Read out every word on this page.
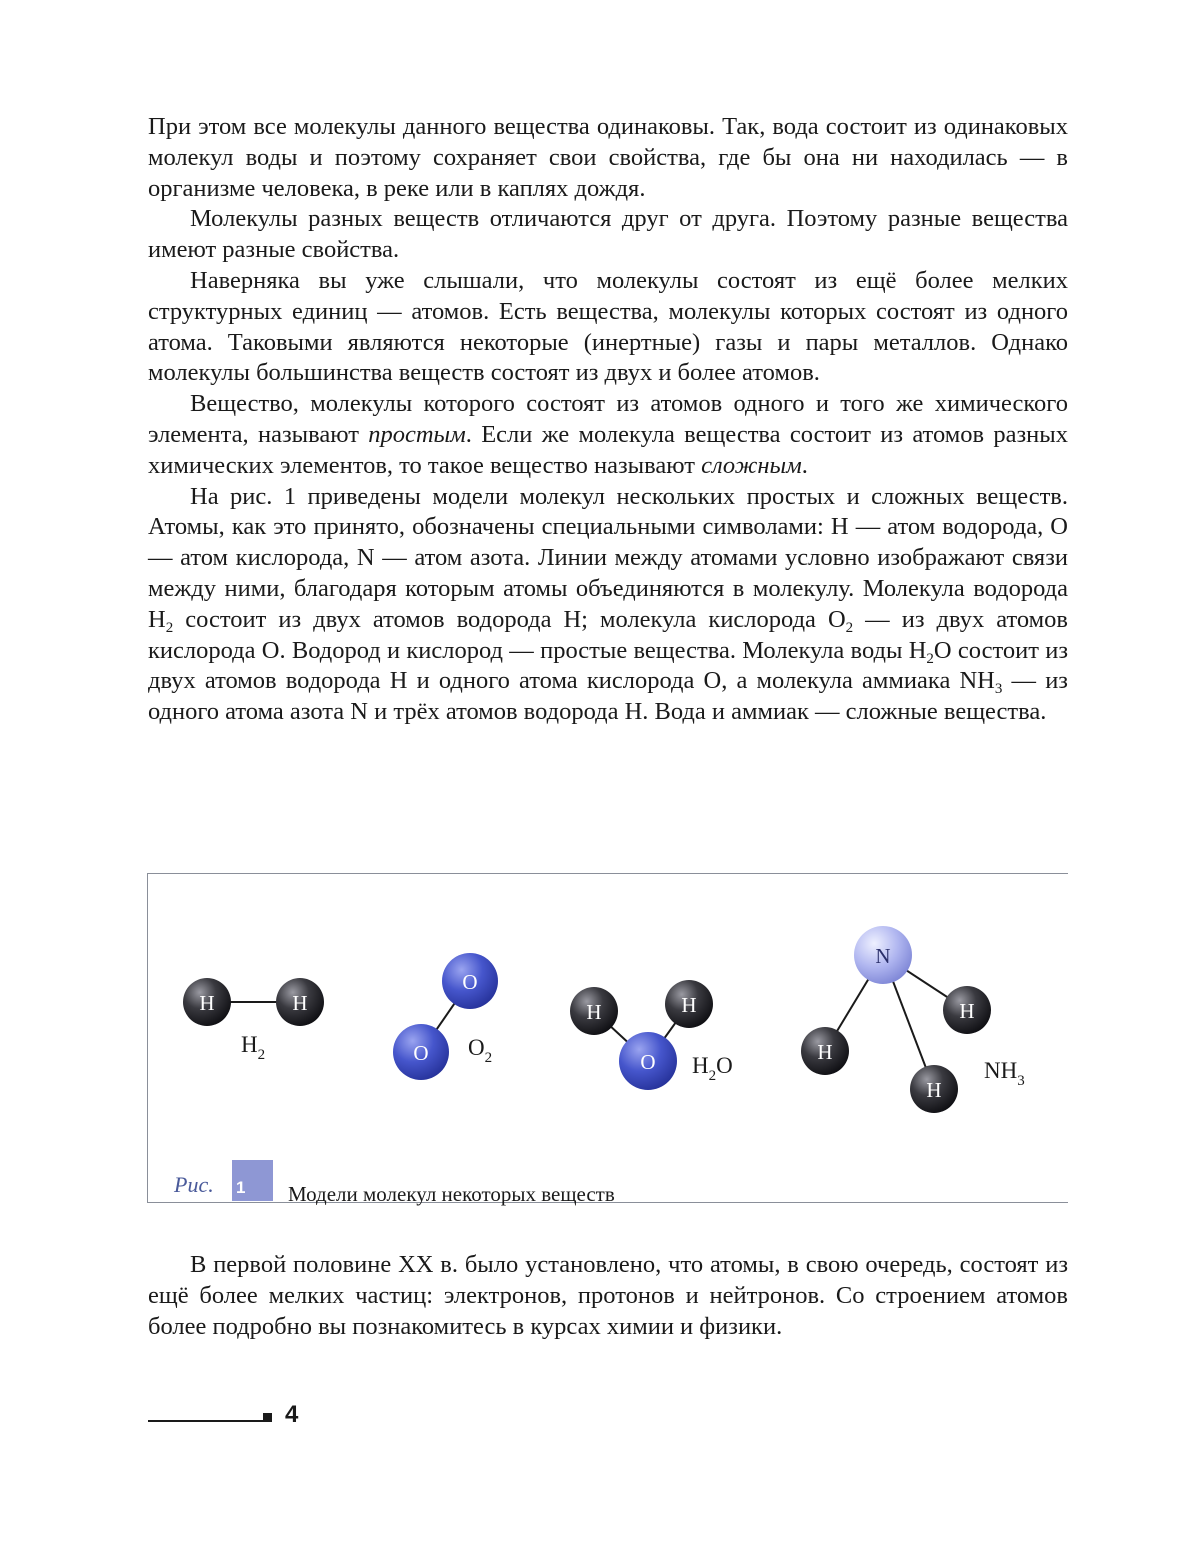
При этом все молекулы данного вещества одинаковы. Так, вода состоит из одинаковых молекул воды и поэтому сохраняет свои свойства, где бы она ни находилась — в организме человека, в реке или в каплях дождя.

Молекулы разных веществ отличаются друг от друга. Поэтому разные вещества имеют разные свойства.

Наверняка вы уже слышали, что молекулы состоят из ещё более мелких структурных единиц — атомов. Есть вещества, молекулы которых состоят из одного атома. Таковыми являются некоторые (инертные) газы и пары металлов. Однако молекулы большинства веществ состоят из двух и более атомов.

Вещество, молекулы которого состоят из атомов одного и того же химического элемента, называют простым. Если же молекула вещества состоит из атомов разных химических элементов, то такое вещество называют сложным.

На рис. 1 приведены модели молекул нескольких простых и сложных веществ. Атомы, как это принято, обозначены специальными символами: H — атом водорода, O — атом кислорода, N — атом азота. Линии между атомами условно изображают связи между ними, благодаря которым атомы объединяются в молекулу. Молекула водорода $H_2$ состоит из двух атомов водорода H; молекула кислорода $O_2$ — из двух атомов кислорода O. Водород и кислород — простые вещества. Молекула воды $H_2O$ состоит из двух атомов водорода H и одного атома кислорода O, а молекула аммиака $NH_3$ — из одного атома азота N и трёх атомов водорода H. Вода и аммиак — сложные вещества.

H	H
$H_2$
O
O $O_2$	O
H	H
$H_2O$
N
H
H
H
$NH_3$
Рис. 1	Модели молекул некоторых веществ

В первой половине XX в. было установлено, что атомы, в свою очередь, состоят из ещё более мелких частиц: электронов, протонов и нейтронов. Со строением атомов более подробно вы познакомитесь в курсах химии и физики.

4
